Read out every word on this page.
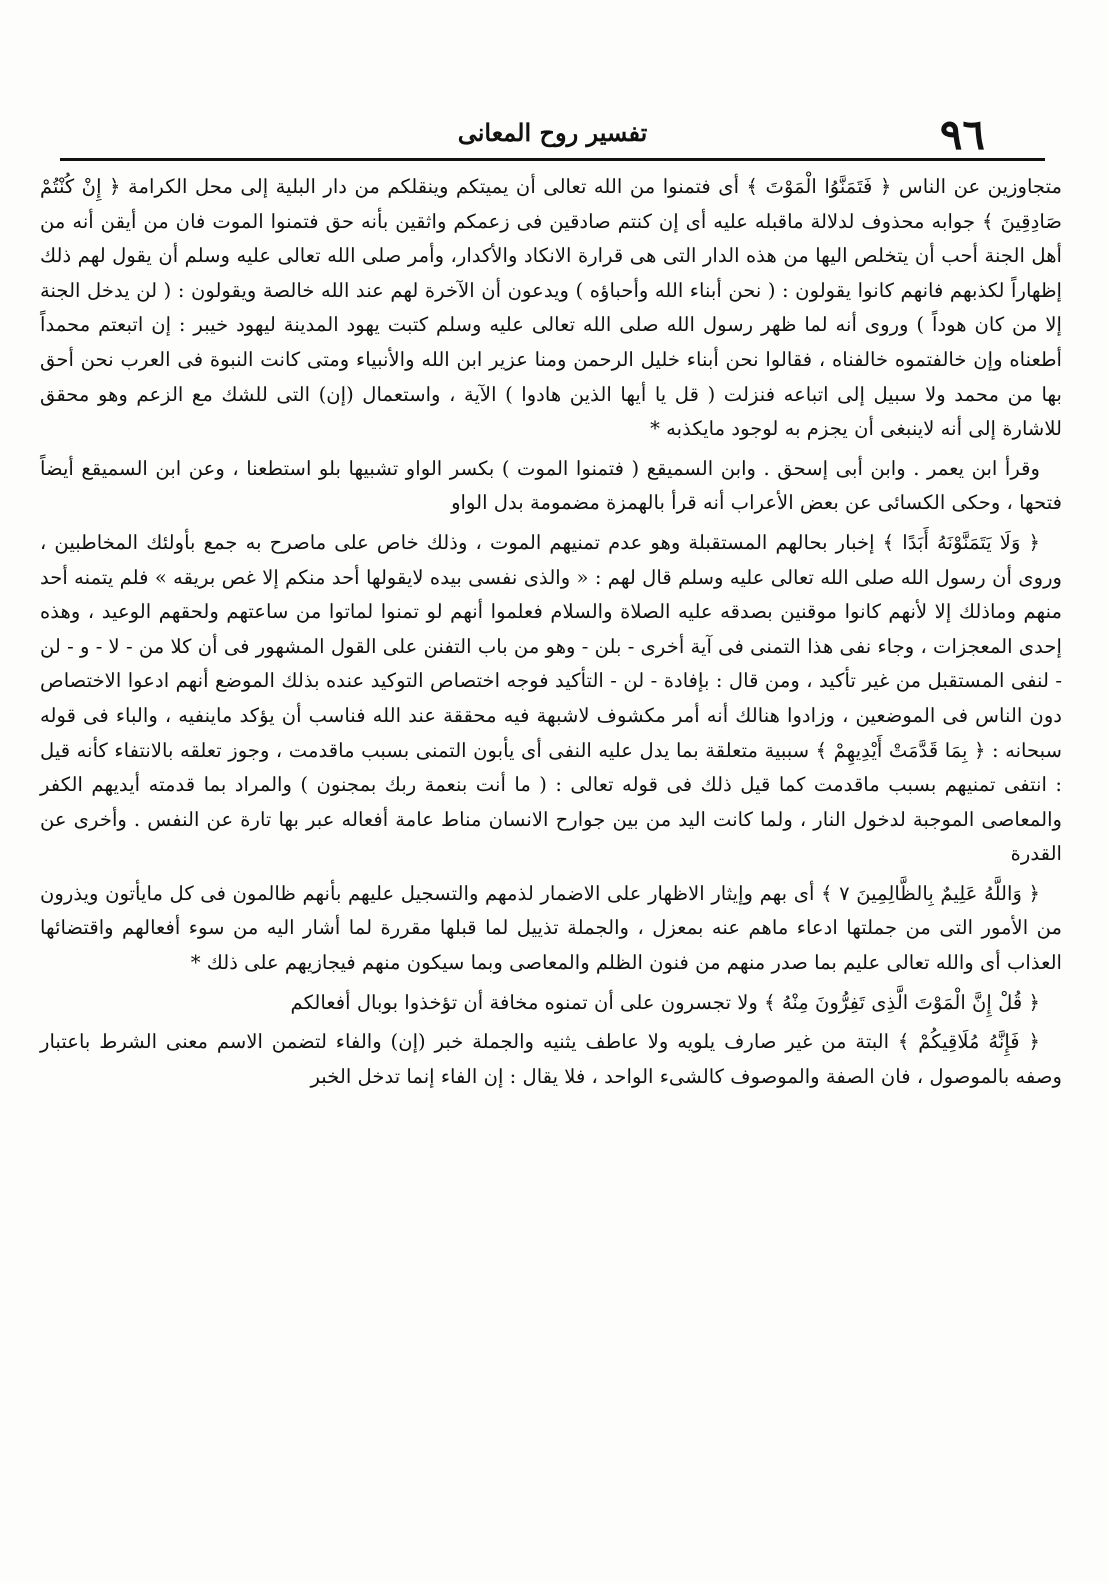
٩٦
تفسير روح المعانى

متجاوزين عن الناس ﴿ فَتَمَنَّوُا الْمَوْتَ ﴾ أى فتمنوا من الله تعالى أن يميتكم وينقلكم من دار البلية إلى محل الكرامة ﴿ إِنْ كُنْتُمْ صَادِقِينَ ﴾ جوابه محذوف لدلالة ماقبله عليه أى إن كنتم صادقين فى زعمكم واثقين بأنه حق فتمنوا الموت فان من أيقن أنه من أهل الجنة أحب أن يتخلص اليها من هذه الدار التى هى قرارة الانكاد والأكدار، وأمر صلى الله تعالى عليه وسلم أن يقول لهم ذلك إظهاراً لكذبهم فانهم كانوا يقولون : ( نحن أبناء الله وأحباؤه ) ويدعون أن الآخرة لهم عند الله خالصة ويقولون : ( لن يدخل الجنة إلا من كان هوداً ) وروى أنه لما ظهر رسول الله صلى الله تعالى عليه وسلم كتبت يهود المدينة ليهود خيبر : إن اتبعتم محمداً أطعناه وإن خالفتموه خالفناه ، فقالوا نحن أبناء خليل الرحمن ومنا عزير ابن الله والأنبياء ومتى كانت النبوة فى العرب نحن أحق بها من محمد ولا سبيل إلى اتباعه فنزلت ( قل يا أيها الذين هادوا ) الآية ، واستعمال (إن) التى للشك مع الزعم وهو محقق للاشارة إلى أنه لاينبغى أن يجزم به لوجود مايكذبه *

وقرأ ابن يعمر . وابن أبى إسحق . وابن السميقع ( فتمنوا الموت ) بكسر الواو تشبيها بلو استطعنا ، وعن ابن السميقع أيضاً فتحها ، وحكى الكسائى عن بعض الأعراب أنه قرأ بالهمزة مضمومة بدل الواو

﴿ وَلَا يَتَمَنَّوْنَهُ أَبَدًا ﴾ إخبار بحالهم المستقبلة وهو عدم تمنيهم الموت ، وذلك خاص على ماصرح به جمع بأولئك المخاطبين ، وروى أن رسول الله صلى الله تعالى عليه وسلم قال لهم : « والذى نفسى بيده لايقولها أحد منكم إلا غص بريقه » فلم يتمنه أحد منهم وماذلك إلا لأنهم كانوا موقنين بصدقه عليه الصلاة والسلام فعلموا أنهم لو تمنوا لماتوا من ساعتهم ولحقهم الوعيد ، وهذه إحدى المعجزات ، وجاء نفى هذا التمنى فى آية أخرى - بلن - وهو من باب التفنن على القول المشهور فى أن كلا من - لا - و - لن - لنفى المستقبل من غير تأكيد ، ومن قال : بإفادة - لن - التأكيد فوجه اختصاص التوكيد عنده بذلك الموضع أنهم ادعوا الاختصاص دون الناس فى الموضعين ، وزادوا هنالك أنه أمر مكشوف لاشبهة فيه محققة عند الله فناسب أن يؤكد ماينفيه ، والباء فى قوله سبحانه : ﴿ بِمَا قَدَّمَتْ أَيْدِيهِمْ ﴾ سببية متعلقة بما يدل عليه النفى أى يأبون التمنى بسبب ماقدمت ، وجوز تعلقه بالانتفاء كأنه قيل : انتفى تمنيهم بسبب ماقدمت كما قيل ذلك فى قوله تعالى : ( ما أنت بنعمة ربك بمجنون ) والمراد بما قدمته أيديهم الكفر والمعاصى الموجبة لدخول النار ، ولما كانت اليد من بين جوارح الانسان مناط عامة أفعاله عبر بها تارة عن النفس . وأخرى عن القدرة

﴿ وَاللَّهُ عَلِيمٌ بِالظَّالِمِينَ ٧ ﴾ أى بهم وإيثار الاظهار على الاضمار لذمهم والتسجيل عليهم بأنهم ظالمون فى كل مايأتون ويذرون من الأمور التى من جملتها ادعاء ماهم عنه بمعزل ، والجملة تذييل لما قبلها مقررة لما أشار اليه من سوء أفعالهم واقتضائها العذاب أى والله تعالى عليم بما صدر منهم من فنون الظلم والمعاصى وبما سيكون منهم فيجازيهم على ذلك *

﴿ قُلْ إِنَّ الْمَوْتَ الَّذِى تَفِرُّونَ مِنْهُ ﴾ ولا تجسرون على أن تمنوه مخافة أن تؤخذوا بوبال أفعالكم

﴿ فَإِنَّهُ مُلَاقِيكُمْ ﴾ البتة من غير صارف يلويه ولا عاطف يثنيه والجملة خبر (إن) والفاء لتضمن الاسم معنى الشرط باعتبار وصفه بالموصول ، فان الصفة والموصوف كالشىء الواحد ، فلا يقال : إن الفاء إنما تدخل الخبر
